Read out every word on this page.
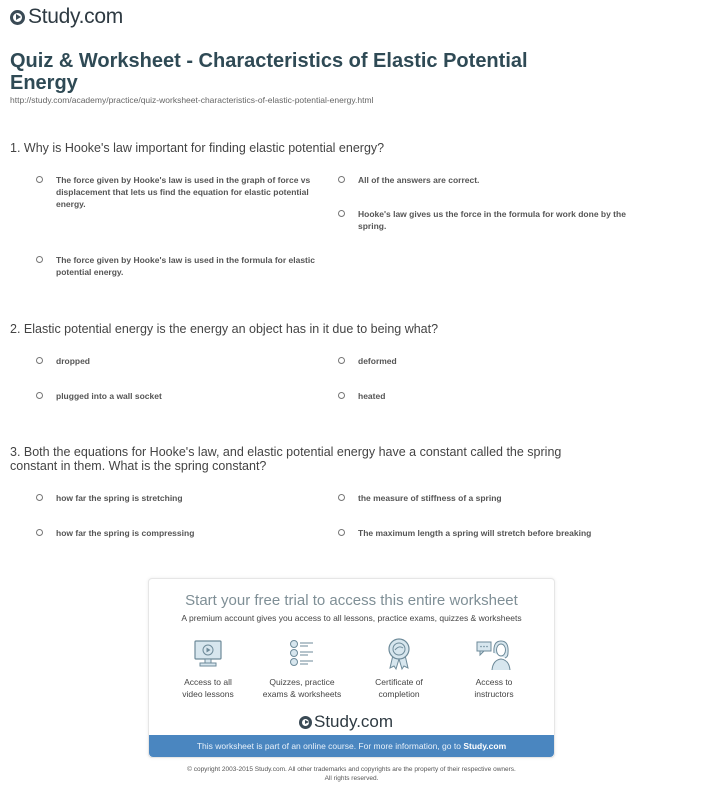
Study.com
Quiz & Worksheet - Characteristics of Elastic Potential Energy
http://study.com/academy/practice/quiz-worksheet-characteristics-of-elastic-potential-energy.html
1. Why is Hooke's law important for finding elastic potential energy?
The force given by Hooke's law is used in the graph of force vs displacement that lets us find the equation for elastic potential energy.
All of the answers are correct.
Hooke's law gives us the force in the formula for work done by the spring.
The force given by Hooke's law is used in the formula for elastic potential energy.
2. Elastic potential energy is the energy an object has in it due to being what?
dropped	deformed
plugged into a wall socket	heated
3. Both the equations for Hooke's law, and elastic potential energy have a constant called the spring constant in them. What is the spring constant?
how far the spring is stretching	the measure of stiffness of a spring
how far the spring is compressing	The maximum length a spring will stretch before breaking
Start your free trial to access this entire worksheet
A premium account gives you access to all lessons, practice exams, quizzes & worksheets
Access to all
video lessons
Quizzes, practice
exams & worksheets
Certificate of
completion
Access to
instructors
Study.com
This worksheet is part of an online course. For more information, go to Study.com
© copyright 2003-2015 Study.com. All other trademarks and copyrights are the property of their respective owners.
All rights reserved.
